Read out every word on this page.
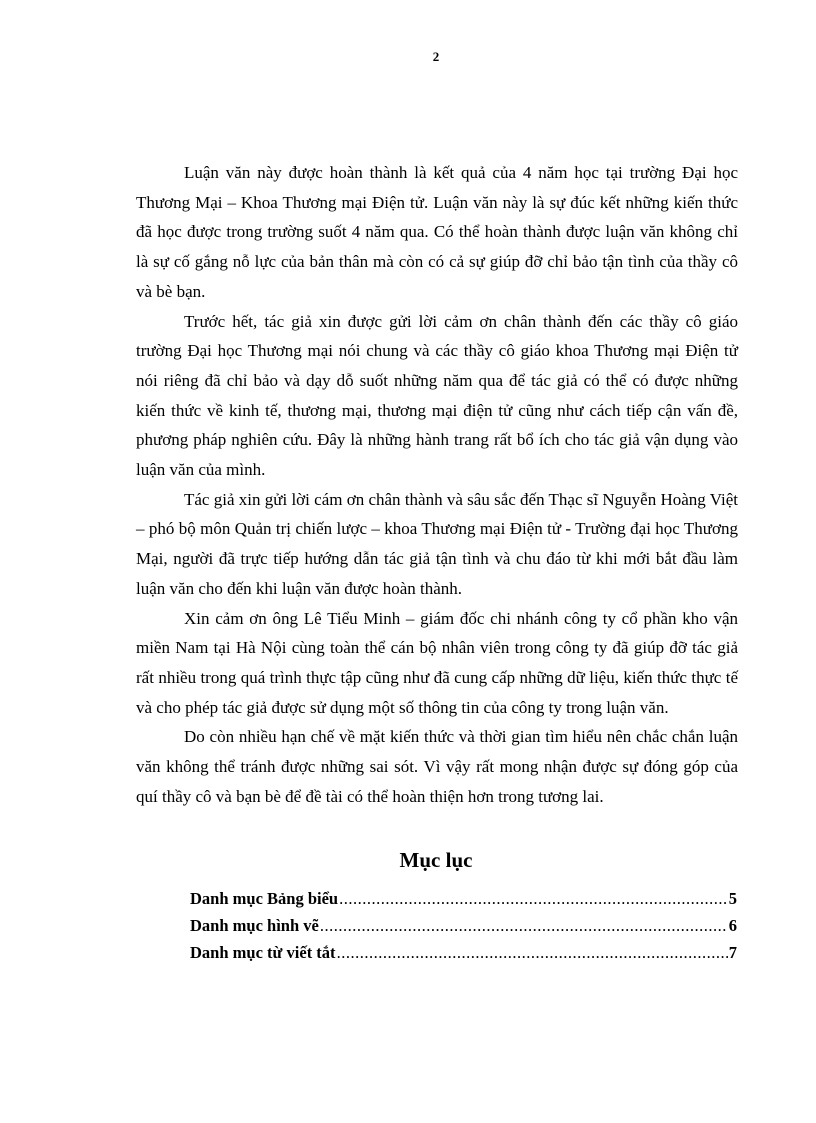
2

Luận văn này được hoàn thành là kết quả của 4 năm học tại trường Đại học Thương Mại – Khoa Thương mại Điện tử. Luận văn này là sự đúc kết những kiến thức đã học được trong trường suốt 4 năm qua. Có thể hoàn thành được luận văn không chỉ là sự cố gắng nỗ lực của bản thân mà còn có cả sự giúp đỡ chỉ bảo tận tình của thầy cô và bè bạn.

Trước hết, tác giả xin được gửi lời cảm ơn chân thành đến các thầy cô giáo trường Đại học Thương mại nói chung và các thầy cô giáo khoa Thương mại Điện tử nói riêng đã chỉ bảo và dạy dỗ suốt những năm qua để tác giả có thể có được những kiến thức về kinh tế, thương mại, thương mại điện tử cũng như cách tiếp cận vấn đề, phương pháp nghiên cứu. Đây là những hành trang rất bổ ích cho tác giả vận dụng vào luận văn của mình.

Tác giả xin gửi lời cám ơn chân thành và sâu sắc đến Thạc sĩ Nguyễn Hoàng Việt – phó bộ môn Quản trị chiến lược – khoa Thương mại Điện tử - Trường đại học Thương Mại, người đã trực tiếp hướng dẫn tác giả tận tình và chu đáo từ khi mới bắt đầu làm luận văn cho đến khi luận văn được hoàn thành.

Xin cảm ơn ông Lê Tiểu Minh – giám đốc chi nhánh công ty cổ phần kho vận miền Nam tại Hà Nội cùng toàn thể cán bộ nhân viên trong công ty đã giúp đỡ tác giả rất nhiều trong quá trình thực tập cũng như đã cung cấp những dữ liệu, kiến thức thực tế và cho phép tác giả được sử dụng một số thông tin của công ty trong luận văn.

Do còn nhiều hạn chế về mặt kiến thức và thời gian tìm hiểu nên chắc chắn luận văn không thể tránh được những sai sót. Vì vậy rất mong nhận được sự đóng góp của quí thầy cô và bạn bè để đề tài có thể hoàn thiện hơn trong tương lai.

Mục lục
Danh mục Bảng biểu .....	5
Danh mục hình vẽ .....	6
Danh mục từ viết tắt .....	7
